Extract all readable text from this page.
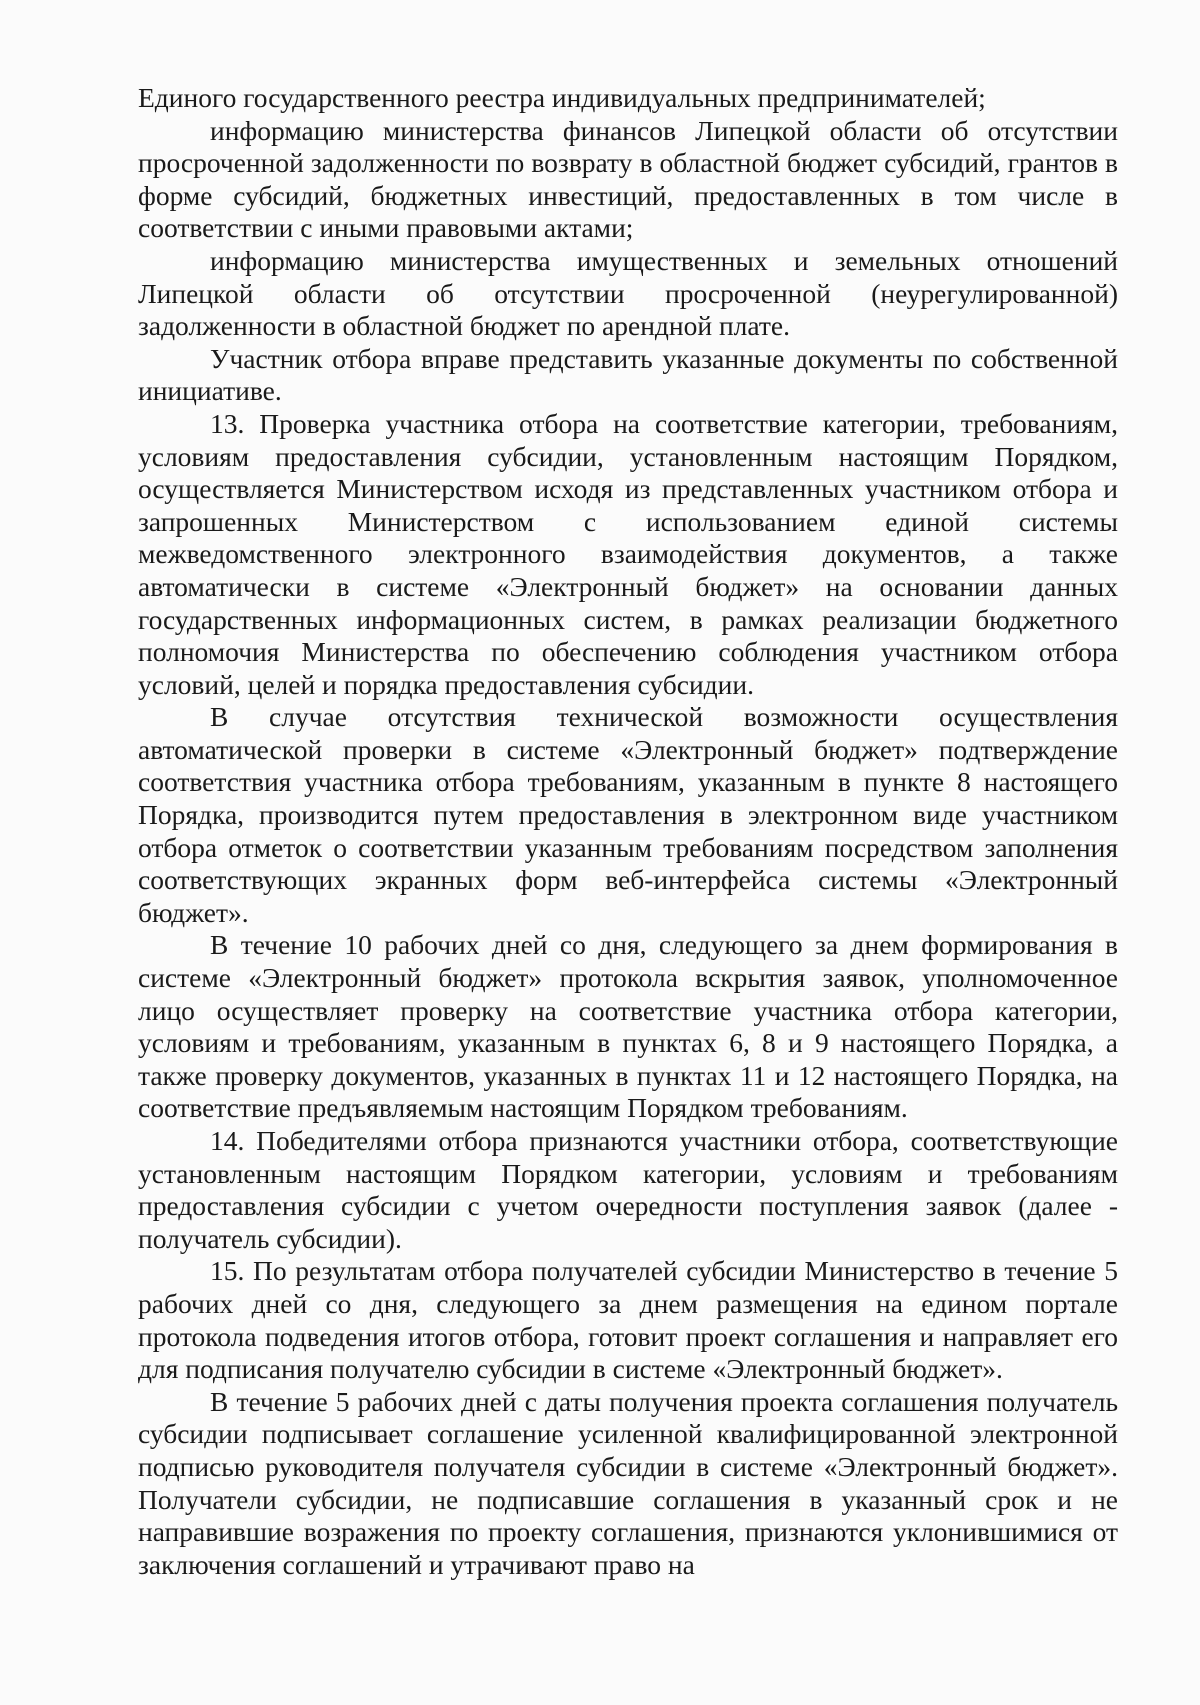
Единого государственного реестра индивидуальных предпринимателей;

информацию министерства финансов Липецкой области об отсутствии просроченной задолженности по возврату в областной бюджет субсидий, грантов в форме субсидий, бюджетных инвестиций, предоставленных в том числе в соответствии с иными правовыми актами;

информацию министерства имущественных и земельных отношений Липецкой области об отсутствии просроченной (неурегулированной) задолженности в областной бюджет по арендной плате.

Участник отбора вправе представить указанные документы по собственной инициативе.

13. Проверка участника отбора на соответствие категории, требованиям, условиям предоставления субсидии, установленным настоящим Порядком, осуществляется Министерством исходя из представленных участником отбора и запрошенных Министерством с использованием единой системы межведомственного электронного взаимодействия документов, а также автоматически в системе «Электронный бюджет» на основании данных государственных информационных систем, в рамках реализации бюджетного полномочия Министерства по обеспечению соблюдения участником отбора условий, целей и порядка предоставления субсидии.

В случае отсутствия технической возможности осуществления автоматической проверки в системе «Электронный бюджет» подтверждение соответствия участника отбора требованиям, указанным в пункте 8 настоящего Порядка, производится путем предоставления в электронном виде участником отбора отметок о соответствии указанным требованиям посредством заполнения соответствующих экранных форм веб-интерфейса системы «Электронный бюджет».

В течение 10 рабочих дней со дня, следующего за днем формирования в системе «Электронный бюджет» протокола вскрытия заявок, уполномоченное лицо осуществляет проверку на соответствие участника отбора категории, условиям и требованиям, указанным в пунктах 6, 8 и 9 настоящего Порядка, а также проверку документов, указанных в пунктах 11 и 12 настоящего Порядка, на соответствие предъявляемым настоящим Порядком требованиям.

14. Победителями отбора признаются участники отбора, соответствующие установленным настоящим Порядком категории, условиям и требованиям предоставления субсидии с учетом очередности поступления заявок (далее - получатель субсидии).

15. По результатам отбора получателей субсидии Министерство в течение 5 рабочих дней со дня, следующего за днем размещения на едином портале протокола подведения итогов отбора, готовит проект соглашения и направляет его для подписания получателю субсидии в системе «Электронный бюджет».

В течение 5 рабочих дней с даты получения проекта соглашения получатель субсидии подписывает соглашение усиленной квалифицированной электронной подписью руководителя получателя субсидии в системе «Электронный бюджет». Получатели субсидии, не подписавшие соглашения в указанный срок и не направившие возражения по проекту соглашения, признаются уклонившимися от заключения соглашений и утрачивают право на
